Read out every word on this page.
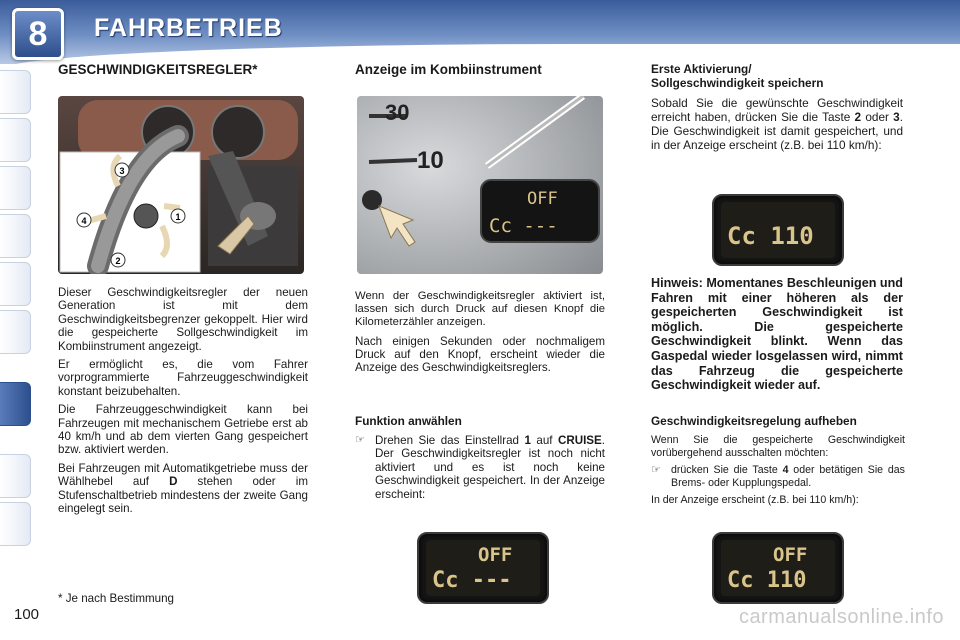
8	FAHRBETRIEB
GESCHWINDIGKEITSREGLER*
3
4	1
2

Dieser Geschwindigkeitsregler der neuen Generation ist mit dem Geschwindigkeitsbegrenzer gekoppelt. Hier wird die gespeicherte Sollgeschwindigkeit im Kombiinstrument angezeigt.

Er ermöglicht es, die vom Fahrer vorprogrammierte Fahrzeuggeschwindigkeit konstant beizubehalten.

Die Fahrzeuggeschwindigkeit kann bei Fahrzeugen mit mechanischem Getriebe erst ab 40 km/h und ab dem vierten Gang gespeichert bzw. aktiviert werden.

Bei Fahrzeugen mit Automatikgetriebe muss der Wählhebel auf D stehen oder im Stufenschaltbetrieb mindestens der zweite Gang eingelegt sein.

* Je nach Bestimmung
100
Anzeige im Kombiinstrument
30
10
OFF
Cc ---

Wenn der Geschwindigkeitsregler aktiviert ist, lassen sich durch Druck auf diesen Knopf die Kilometerzähler anzeigen.

Nach einigen Sekunden oder nochmaligem Druck auf den Knopf, erscheint wieder die Anzeige des Geschwindigkeitsreglers.

Funktion anwählen
☞ Drehen Sie das Einstellrad 1 auf CRUISE. Der Geschwindigkeitsregler ist noch nicht aktiviert und es ist noch keine Geschwindigkeit gespeichert. In der Anzeige erscheint:
OFF
Cc ---
Erste Aktivierung/
Sollgeschwindigkeit speichern

Sobald Sie die gewünschte Geschwindigkeit erreicht haben, drücken Sie die Taste 2 oder 3. Die Geschwindigkeit ist damit gespeichert, und in der Anzeige erscheint (z.B. bei 110 km/h):

Cc 110
Hinweis: Momentanes Beschleunigen und Fahren mit einer höheren als der gespeicherten Geschwindigkeit ist möglich. Die gespeicherte Geschwindigkeit blinkt. Wenn das Gaspedal wieder losgelassen wird, nimmt das Fahrzeug die gespeicherte Geschwindigkeit wieder auf.
Geschwindigkeitsregelung aufheben

Wenn Sie die gespeicherte Geschwindigkeit vorübergehend ausschalten möchten:

☞ drücken Sie die Taste 4 oder betätigen Sie das Brems- oder Kupplungspedal.

In der Anzeige erscheint (z.B. bei 110 km/h):

OFF
Cc 110
carmanualsonline.info
